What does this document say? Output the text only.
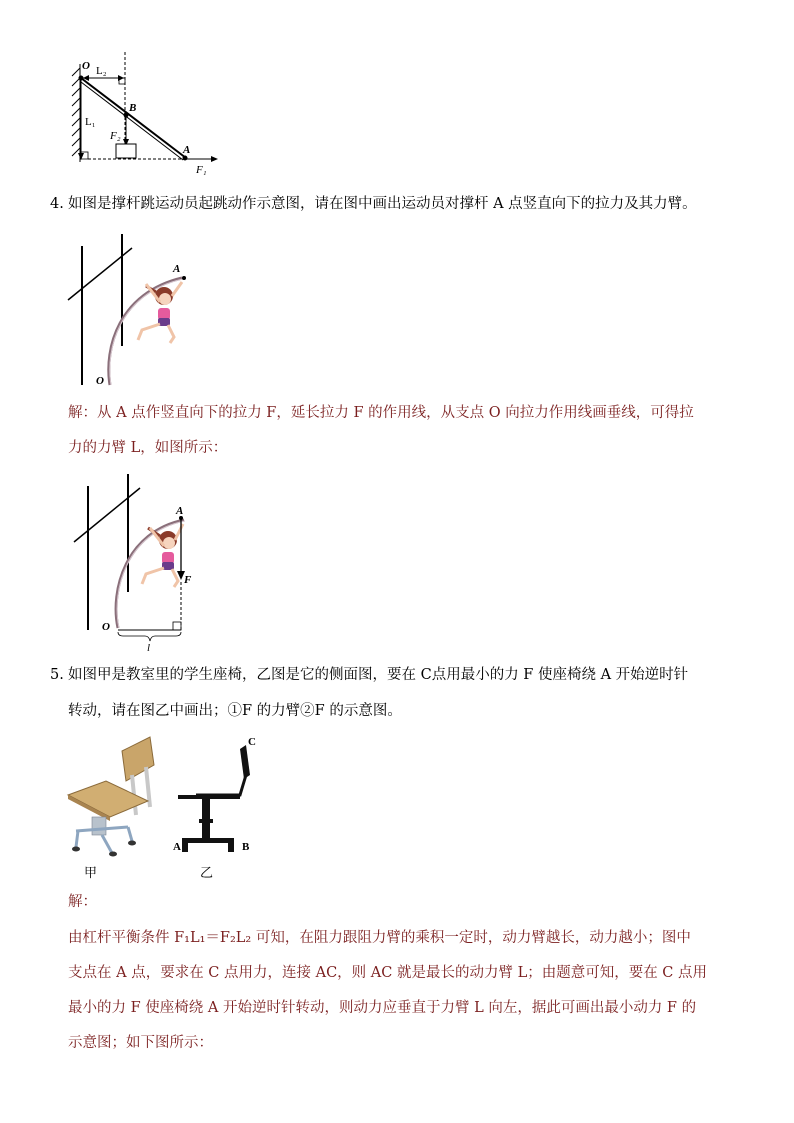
O L₂
B
L₁
F₂
A
F₁
4. 如图是撑杆跳运动员起跳动作示意图，请在图中画出运动员对撑杆 A 点竖直向下的拉力及其力臂。
A
O
解：从 A 点作竖直向下的拉力 F，延长拉力 F 的作用线，从支点 O 向拉力作用线画垂线，可得拉
力的力臂 L，如图所示：
A
F
O
l
5. 如图甲是教室里的学生座椅，乙图是它的侧面图，要在 C点用最小的力 F 使座椅绕 A 开始逆时针
转动，请在图乙中画出；①F 的力臂②F 的示意图。
甲
C
A	B
乙
解：
由杠杆平衡条件 F₁L₁＝F₂L₂ 可知，在阻力跟阻力臂的乘积一定时，动力臂越长，动力越小；图中
支点在 A 点，要求在 C 点用力，连接 AC，则 AC 就是最长的动力臂 L；由题意可知，要在 C 点用
最小的力 F 使座椅绕 A 开始逆时针转动，则动力应垂直于力臂 L 向左，据此可画出最小动力 F 的
示意图；如下图所示：
